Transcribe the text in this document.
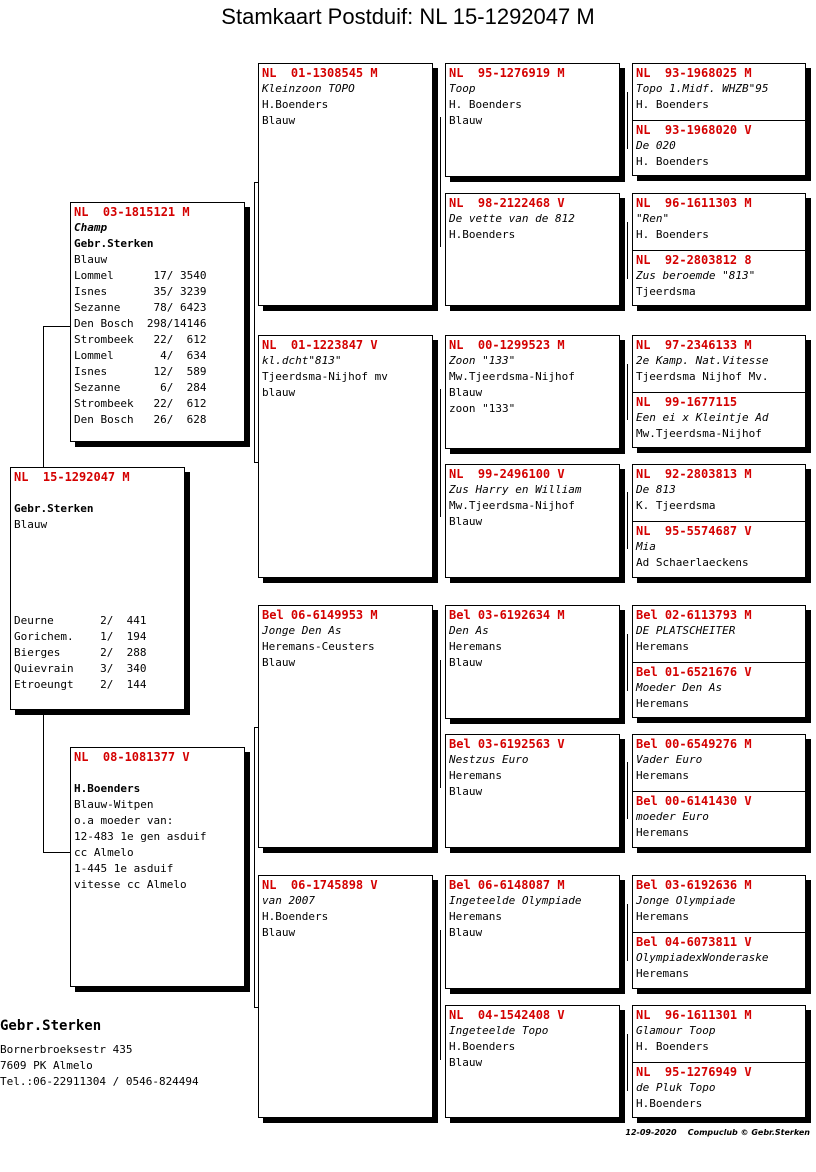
Stamkaart Postduif: NL 15-1292047 M
NL  15-1292047 M
Gebr.Sterken
Blauw
Deurne       2/  441
Gorichem.    1/  194
Bierges      2/  288
Quievrain    3/  340
Etroeungt    2/  144
NL  03-1815121 M
Champ
Gebr.Sterken
Blauw
Lommel      17/ 3540
Isnes       35/ 3239
Sezanne     78/ 6423
Den Bosch  298/14146
Strombeek   22/  612
Lommel       4/  634
Isnes       12/  589
Sezanne      6/  284
Strombeek   22/  612
Den Bosch   26/  628
NL  08-1081377 V
H.Boenders
Blauw-Witpen
o.a moeder van:
12-483 1e gen asduif
cc Almelo
1-445 1e asduif
vitesse cc Almelo
NL  01-1308545 M
Kleinzoon TOPO
H.Boenders
Blauw
NL  01-1223847 V
kl.dcht"813"
Tjeerdsma-Nijhof mv
blauw
Bel 06-6149953 M
Jonge Den As
Heremans-Ceusters
Blauw
NL  06-1745898 V
van 2007
H.Boenders
Blauw
NL  95-1276919 M
Toop
H. Boenders
Blauw
NL  98-2122468 V
De vette van de 812
H.Boenders
NL  00-1299523 M
Zoon "133"
Mw.Tjeerdsma-Nijhof
Blauw
zoon "133"
NL  99-2496100 V
Zus Harry en William
Mw.Tjeerdsma-Nijhof
Blauw
Bel 03-6192634 M
Den As
Heremans
Blauw
Bel 03-6192563 V
Nestzus Euro
Heremans
Blauw
Bel 06-6148087 M
Ingeteelde Olympiade
Heremans
Blauw
NL  04-1542408 V
Ingeteelde Topo
H.Boenders
Blauw
NL  93-1968025 M
Topo 1.Midf. WHZB"95
H. Boenders
NL  93-1968020 V
De 020
H. Boenders
NL  96-1611303 M
"Ren"
H. Boenders
NL  92-2803812 8
Zus beroemde "813"
Tjeerdsma
NL  97-2346133 M
2e Kamp. Nat.Vitesse
Tjeerdsma Nijhof Mv.
NL  99-1677115
Een ei x Kleintje Ad
Mw.Tjeerdsma-Nijhof
NL  92-2803813 M
De 813
K. Tjeerdsma
NL  95-5574687 V
Mia
Ad Schaerlaeckens
Bel 02-6113793 M
DE PLATSCHEITER
Heremans
Bel 01-6521676 V
Moeder Den As
Heremans
Bel 00-6549276 M
Vader Euro
Heremans
Bel 00-6141430 V
moeder Euro
Heremans
Bel 03-6192636 M
Jonge Olympiade
Heremans
Bel 04-6073811 V
OlympiadexWonderaske
Heremans
NL  96-1611301 M
Glamour Toop
H. Boenders
NL  95-1276949 V
de Pluk Topo
H.Boenders
Gebr.Sterken
Bornerbroeksestr 435
7609 PK Almelo
Tel.:06-22911304 / 0546-824494
12-09-2020 Compuclub © Gebr.Sterken
